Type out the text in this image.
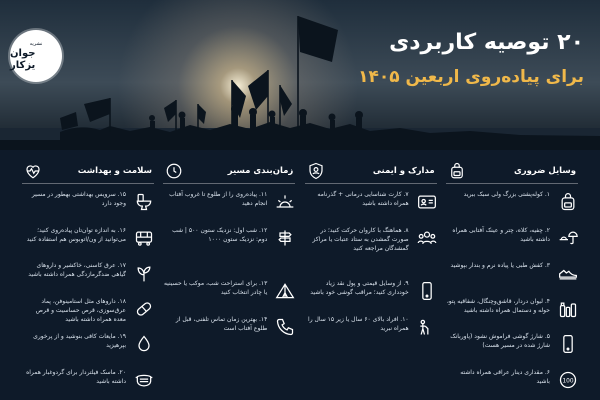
نشریه
جوان یزکار
۲۰ توصیه کاربردی
برای پیاده‌روی اربعین ۱۴۰۵
وسایل ضروری
۱. کوله‌پشتی بزرگ ولی سبک ببرید
۲. چفیه، کلاه، چتر و عینک آفتابی همراه داشته باشید
۳. کفش طبی یا پیاده نرم و بندار بپوشید
۴. لیوان دردار، قاشق‌وچنگال، شفاقیه پتو، حوله و دستمال همراه داشته باشید
۵. شارژ گوشی فراموش نشود (پاوربانک شارژ شده در مسیر هست)
100
۶. مقداری دینار عراقی همراه داشته باشید
مدارک و ایمنی
۷. کارت شناسایی درمانی + گذرنامه همراه داشته باشید
۸. هماهنگ با کاروان حرکت کنید؛ در صورت گمشدن به ستاد عتبات یا مراکز گمشدگان مراجعه کنید
۹. از وسایل قیمتی و پول نقد زیاد خودداری کنید؛ مراقب گوشی خود باشید
۱۰. افراد بالای ۶۰ سال یا زیر ۱۵ سال را همراه نبرید
زمان‌بندی مسیر
۱۱. پیاده‌روی را از طلوع تا غروب آفتاب انجام دهید
۱۲. شب اول: نزدیک ستون ۵۰۰ | شب دوم: نزدیک ستون ۱۰۰۰
۱۳. برای استراحت شب، موکب یا حسینیه یا چادر انتخاب کنید
۱۴. بهترین زمان تماس تلفنی، قبل از طلوع آفتاب است
سلامت و بهداشت
۱۵. سرویس بهداشتی بهطور در مسیر وجود دارد
۱۶. به اندازه توان‌تان پیاده‌روی کنید؛ می‌توانید از ون/اتوبوس هم استفاده کنید
۱۷. عرق کاسنی، خاکشیر و داروهای گیاهی ضدگرمازدگی همراه داشته باشید
۱۸. داروهای مثل استامینوفن، پماد عرق‌سوزی، قرص حساسیت و قرص معده همراه داشته باشید
۱۹. مایعات کافی بنوشید و از پرخوری بپرهیزید
۲۰. ماسک فیلتردار برای گردوغبار همراه داشته باشید
